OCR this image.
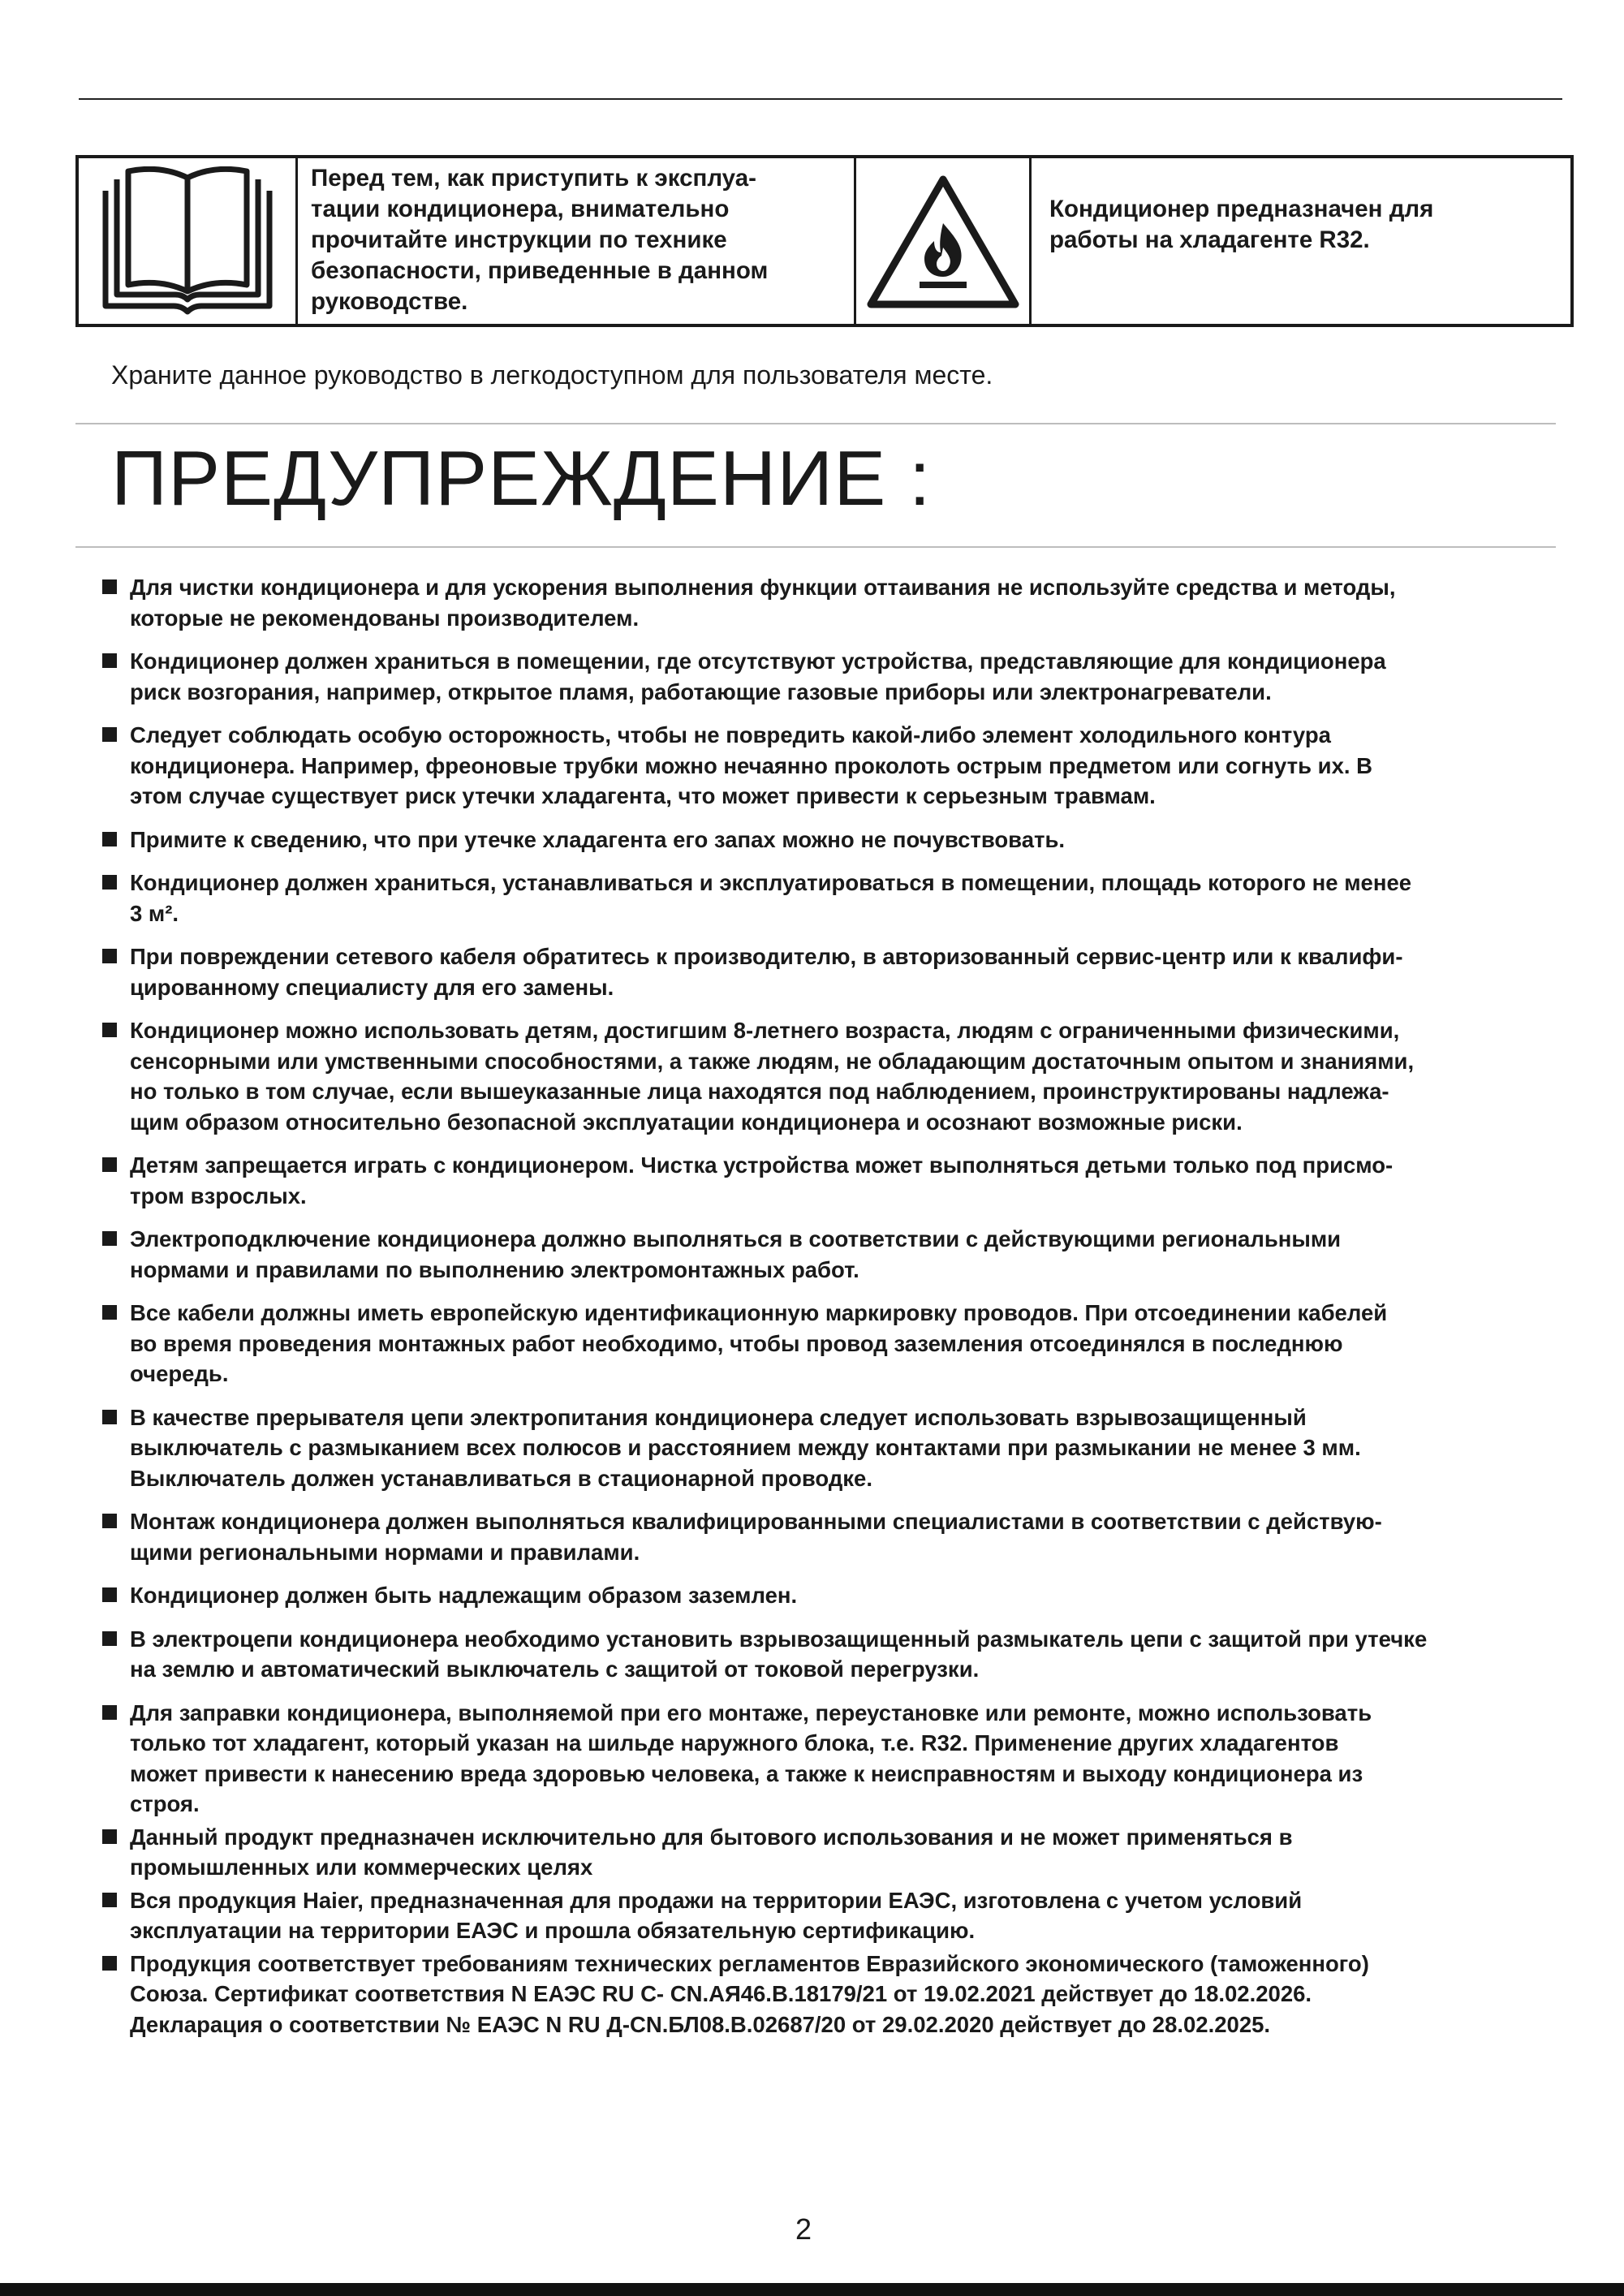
Перед тем, как приступить к эксплуа-
тации кондиционера, внимательно
прочитайте инструкции по технике
безопасности, приведенные в данном
руководстве.

Кондиционер предназначен для
работы на хладагенте R32.

Храните данное руководство в легкодоступном для пользователя месте.

ПРЕДУПРЕЖДЕНИЕ :
Для чистки кондиционера и для ускорения выполнения функции оттаивания не используйте средства и методы,
которые не рекомендованы производителем.
Кондиционер должен храниться в помещении, где отсутствуют устройства, представляющие для кондиционера
риск возгорания, например, открытое пламя, работающие газовые приборы или электронагреватели.
Следует соблюдать особую осторожность, чтобы не повредить какой-либо элемент холодильного контура
кондиционера. Например, фреоновые трубки можно нечаянно проколоть острым предметом или согнуть их. В
этом случае существует риск утечки хладагента, что может привести к серьезным травмам.
Примите к сведению, что при утечке хладагента его запах можно не почувствовать.
Кондиционер должен храниться, устанавливаться и эксплуатироваться в помещении, площадь которого не менее
3 м².
При повреждении сетевого кабеля обратитесь к производителю, в авторизованный сервис-центр или к квалифи-
цированному специалисту для его замены.
Кондиционер можно использовать детям, достигшим 8-летнего возраста, людям с ограниченными физическими,
сенсорными или умственными способностями, а также людям, не обладающим достаточным опытом и знаниями,
но только в том случае, если вышеуказанные лица находятся под наблюдением, проинструктированы надлежа-
щим образом относительно безопасной эксплуатации кондиционера и осознают возможные риски.
Детям запрещается играть с кондиционером. Чистка устройства может выполняться детьми только под присмо-
тром взрослых.
Электроподключение кондиционера должно выполняться в соответствии с действующими региональными
нормами и правилами по выполнению электромонтажных работ.
Все кабели должны иметь европейскую идентификационную маркировку проводов. При отсоединении кабелей
во время проведения монтажных работ необходимо, чтобы провод заземления отсоединялся в последнюю
очередь.
В качестве прерывателя цепи электропитания кондиционера следует использовать взрывозащищенный
выключатель с размыканием всех полюсов и расстоянием между контактами при размыкании не менее 3 мм.
Выключатель должен устанавливаться в стационарной проводке.
Монтаж кондиционера должен выполняться квалифицированными специалистами в соответствии с действую-
щими региональными нормами и правилами.
Кондиционер должен быть надлежащим образом заземлен.
В электроцепи кондиционера необходимо установить взрывозащищенный размыкатель цепи с защитой при утечке
на землю и автоматический выключатель с защитой от токовой перегрузки.
Для заправки кондиционера, выполняемой при его монтаже, переустановке или ремонте, можно использовать
только тот хладагент, который указан на шильде наружного блока, т.е. R32. Применение других хладагентов
может привести к нанесению вреда здоровью человека, а также к неисправностям и выходу кондиционера из
строя.
Данный продукт предназначен исключительно для бытового использования и не может применяться в
промышленных или коммерческих целях
Вся продукция Haier, предназначенная для продажи на территории ЕАЭС, изготовлена с учетом условий
эксплуатации на территории ЕАЭС и прошла обязательную сертификацию.
Продукция соответствует требованиям технических регламентов Евразийского экономического (таможенного)
Союза. Сертификат соответствия N ЕАЭС RU С- CN.АЯ46.В.18179/21 от 19.02.2021 действует до 18.02.2026.
Декларация о соответствии № ЕАЭС N RU Д-CN.БЛ08.В.02687/20 от 29.02.2020 действует до 28.02.2025.

2
